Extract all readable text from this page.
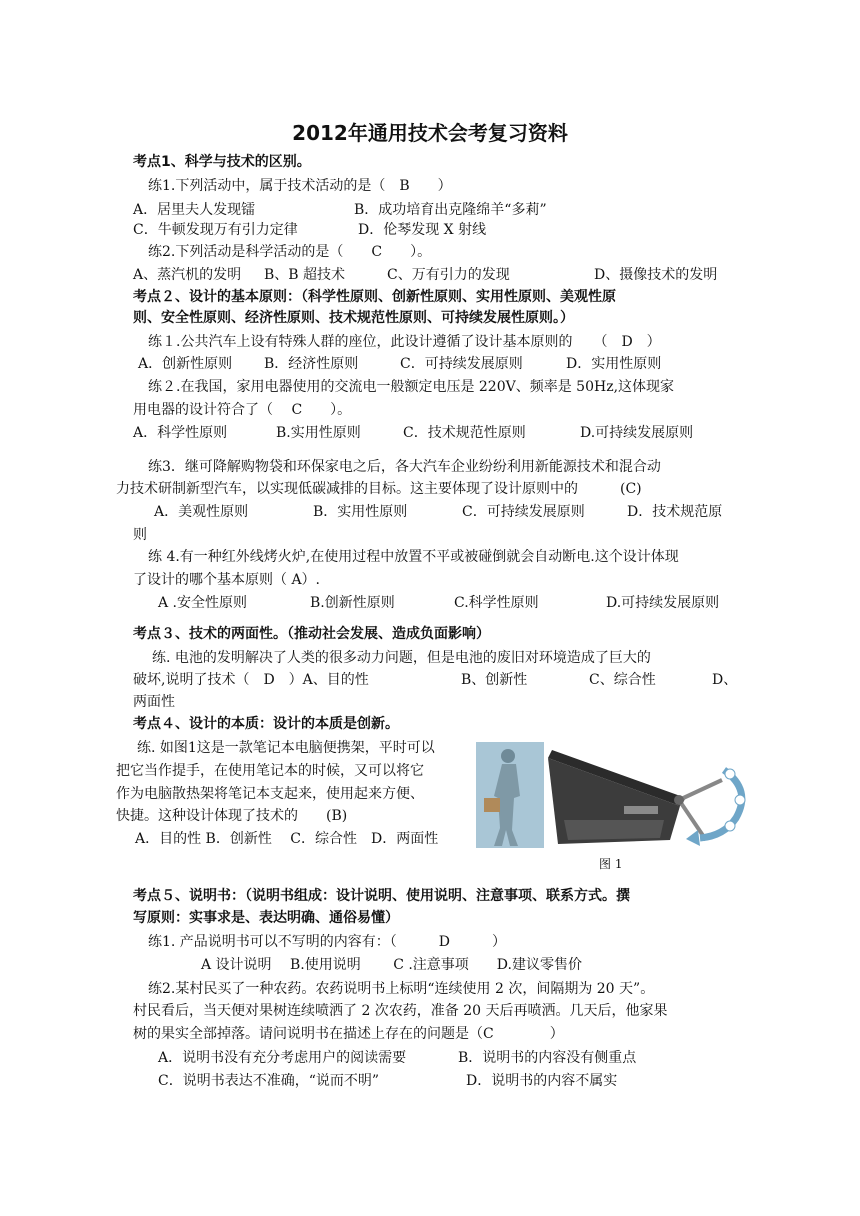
2012年通用技术会考复习资料
考点1、科学与技术的区别。
练1.下列活动中，属于技术活动的是（　B　　）
A．居里夫人发现镭	B．成功培育出克隆绵羊“多莉”
C．牛顿发现万有引力定律	D．伦琴发现 X 射线
练2.下列活动是科学活动的是（　　C　　）。
A、蒸汽机的发明 B、B 超技术	C、万有引力的发现	D、摄像技术的发明
考点２、设计的基本原则：（科学性原则、创新性原则、实用性原则、美观性原
则、安全性原则、经济性原则、技术规范性原则、可持续发展性原则。）
练１.公共汽车上设有特殊人群的座位，此设计遵循了设计基本原则的　　（　D　）
A．创新性原则 B．经济性原则	C．可持续发展原则	D．实用性原则
练２.在我国，家用电器使用的交流电一般额定电压是 220V、频率是 50Hz,这体现家
用电器的设计符合了（　 C　　）。
A．科学性原则	B.实用性原则	C．技术规范性原则	D.可持续发展原则
练3．继可降解购物袋和环保家电之后，各大汽车企业纷纷利用新能源技术和混合动
力技术研制新型汽车，以实现低碳减排的目标。这主要体现了设计原则中的　　　(C)
A．美观性原则	B．实用性原则	C．可持续发展原则	D．技术规范原
则
练 4.有一种红外线烤火炉,在使用过程中放置不平或被碰倒就会自动断电.这个设计体现
了设计的哪个基本原则（ A）.
A .安全性原则	B.创新性原则	C.科学性原则	D.可持续发展原则
考点３、技术的两面性。（推动社会发展、造成负面影响）
练. 电池的发明解决了人类的很多动力问题，但是电池的废旧对环境造成了巨大的
破坏,说明了技术（　D　）A、目的性	B、创新性	C、综合性	D、
两面性
考点４、设计的本质：设计的本质是创新。
练. 如图1这是一款笔记本电脑便携架，平时可以
把它当作提手，在使用笔记本的时候，又可以将它
作为电脑散热架将笔记本支起来，使用起来方便、
快捷。这种设计体现了技术的　　(B)
A．目的性 B．创新性　 C．综合性　D．两面性
图 1
考点５、说明书：（说明书组成：设计说明、使用说明、注意事项、联系方式。撰
写原则：实事求是、表达明确、通俗易懂）
练1. 产品说明书可以不写明的内容有：（　　　D　　　）
A 设计说明　 B.使用说明　　 C .注意事项　　D.建议零售价
练2.某村民买了一种农药。农药说明书上标明“连续使用 2 次，间隔期为 20 天”。
村民看后，当天便对果树连续喷洒了 2 次农药，准备 20 天后再喷洒。几天后，他家果
树的果实全部掉落。请问说明书在描述上存在的问题是（C　　　　）
A．说明书没有充分考虑用户的阅读需要	B．说明书的内容没有侧重点
C．说明书表达不准确，“说而不明”	D．说明书的内容不属实
